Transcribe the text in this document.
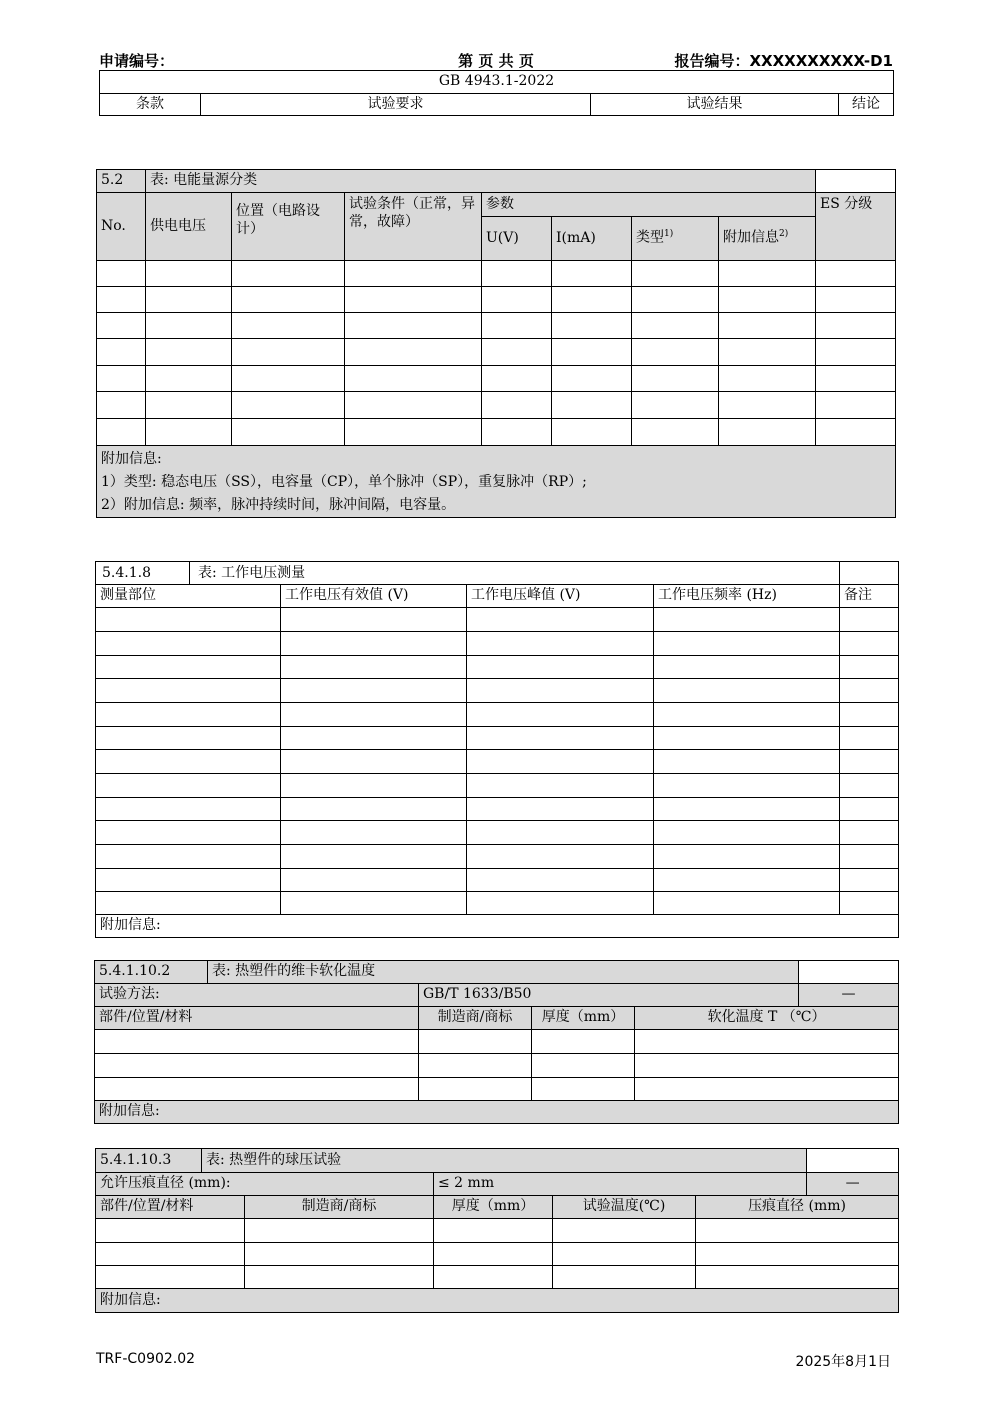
申请编号：	第 页 共 页	报告编号：XXXXXXXXXX-D1
GB 4943.1-2022
条款	试验要求	试验结果	结论
5.2	表: 电能量源分类							
No.	供电电压	位置（电路设计）	试验条件（正常，异常，故障）	参数				ES 分级
				U(V)	I(mA)	类型$^{1)}$	附加信息$^{2)}$

附加信息:
1）类型: 稳态电压（SS），电容量（CP），单个脉冲（SP），重复脉冲（RP）;
2）附加信息: 频率，脉冲持续时间，脉冲间隔，电容量。								
5.4.1.8 表: 工作电压测量				
测量部位	工作电压有效值 (V)	工作电压峰值 (V)	工作电压频率 (Hz)	备注

附加信息:				
5.4.1.10.2	表: 热塑件的维卡软化温度				
试验方法:		GB/T 1633/B50			—
部件/位置/材料		制造商/商标	厚度（mm）	软化温度 T （℃）	

附加信息:					
5.4.1.10.3	表: 热塑件的球压试验					
允许压痕直径 (mm):			≤ 2 mm			—
部件/位置/材料		制造商/商标	厚度（mm）	试验温度(℃)	压痕直径 (mm)	

附加信息:						
TRF-C0902.02	2025年8月1日
